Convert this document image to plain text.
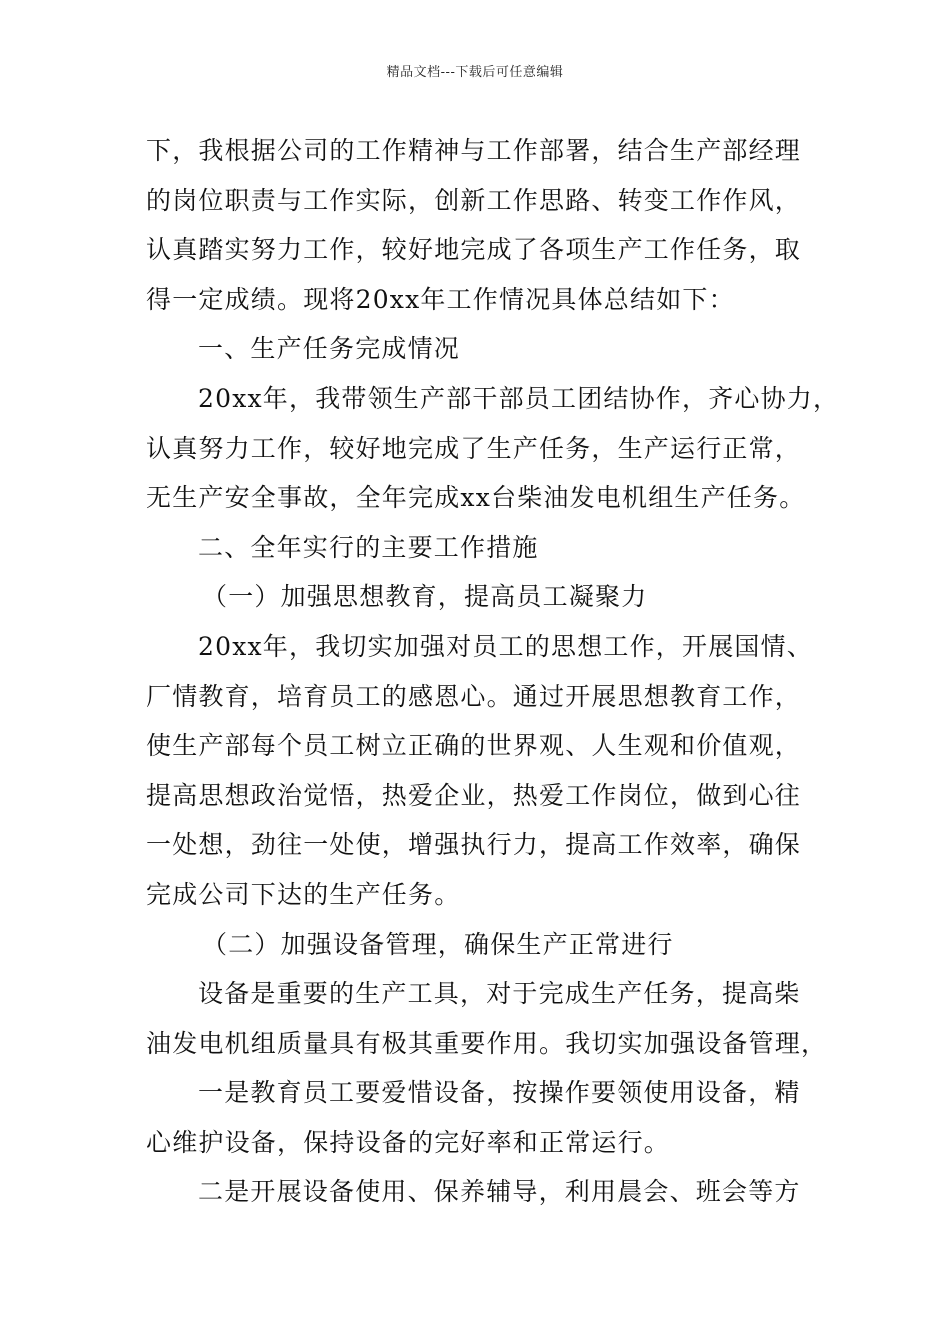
精品文档---下载后可任意编辑
下，我根据公司的工作精神与工作部署，结合生产部经理
的岗位职责与工作实际，创新工作思路、转变工作作风，
认真踏实努力工作，较好地完成了各项生产工作任务，取
得一定成绩。现将20xx年工作情况具体总结如下：
一、生产任务完成情况
20xx年，我带领生产部干部员工团结协作，齐心协力，
认真努力工作，较好地完成了生产任务，生产运行正常，
无生产安全事故，全年完成xx台柴油发电机组生产任务。
二、全年实行的主要工作措施
（一）加强思想教育，提高员工凝聚力
20xx年，我切实加强对员工的思想工作，开展国情、
厂情教育，培育员工的感恩心。通过开展思想教育工作，
使生产部每个员工树立正确的世界观、人生观和价值观，
提高思想政治觉悟，热爱企业，热爱工作岗位，做到心往
一处想，劲往一处使，增强执行力，提高工作效率，确保
完成公司下达的生产任务。
（二）加强设备管理，确保生产正常进行
设备是重要的生产工具，对于完成生产任务，提高柴
油发电机组质量具有极其重要作用。我切实加强设备管理，
一是教育员工要爱惜设备，按操作要领使用设备，精
心维护设备，保持设备的完好率和正常运行。
二是开展设备使用、保养辅导，利用晨会、班会等方
